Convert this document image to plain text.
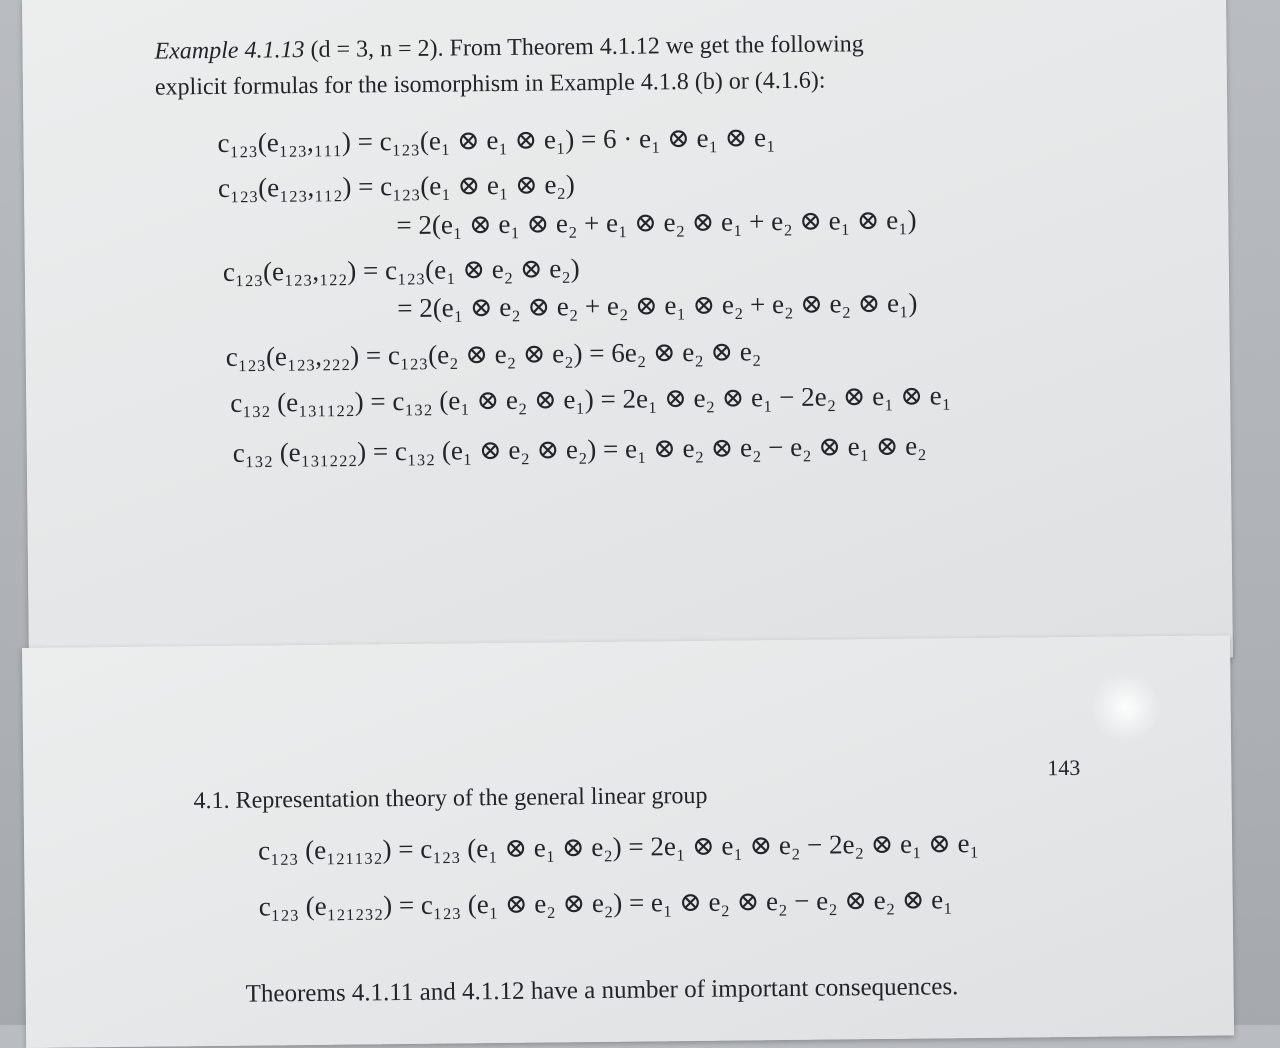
Example 4.1.13 (d = 3, n = 2). From Theorem 4.1.12 we get the following
explicit formulas for the isomorphism in Example 4.1.8 (b) or (4.1.6):
c₁₂₃(e₁₂₃,₁₁₁) = c₁₂₃(e₁ ⊗ e₁ ⊗ e₁) = 6 · e₁ ⊗ e₁ ⊗ e₁
c₁₂₃(e₁₂₃,₁₁₂) = c₁₂₃(e₁ ⊗ e₁ ⊗ e₂)
= 2(e₁ ⊗ e₁ ⊗ e₂ + e₁ ⊗ e₂ ⊗ e₁ + e₂ ⊗ e₁ ⊗ e₁)
c₁₂₃(e₁₂₃,₁₂₂) = c₁₂₃(e₁ ⊗ e₂ ⊗ e₂)
= 2(e₁ ⊗ e₂ ⊗ e₂ + e₂ ⊗ e₁ ⊗ e₂ + e₂ ⊗ e₂ ⊗ e₁)
c₁₂₃(e₁₂₃,₂₂₂) = c₁₂₃(e₂ ⊗ e₂ ⊗ e₂) = 6e₂ ⊗ e₂ ⊗ e₂
c₁₃₂ (e₁₃₁₁₂₂) = c₁₃₂ (e₁ ⊗ e₂ ⊗ e₁) = 2e₁ ⊗ e₂ ⊗ e₁ − 2e₂ ⊗ e₁ ⊗ e₁
c₁₃₂ (e₁₃₁₂₂₂) = c₁₃₂ (e₁ ⊗ e₂ ⊗ e₂) = e₁ ⊗ e₂ ⊗ e₂ − e₂ ⊗ e₁ ⊗ e₂
143
4.1. Representation theory of the general linear group
c₁₂₃ (e₁₂₁₁₃₂) = c₁₂₃ (e₁ ⊗ e₁ ⊗ e₂) = 2e₁ ⊗ e₁ ⊗ e₂ − 2e₂ ⊗ e₁ ⊗ e₁
c₁₂₃ (e₁₂₁₂₃₂) = c₁₂₃ (e₁ ⊗ e₂ ⊗ e₂) = e₁ ⊗ e₂ ⊗ e₂ − e₂ ⊗ e₂ ⊗ e₁
Theorems 4.1.11 and 4.1.12 have a number of important consequences.
